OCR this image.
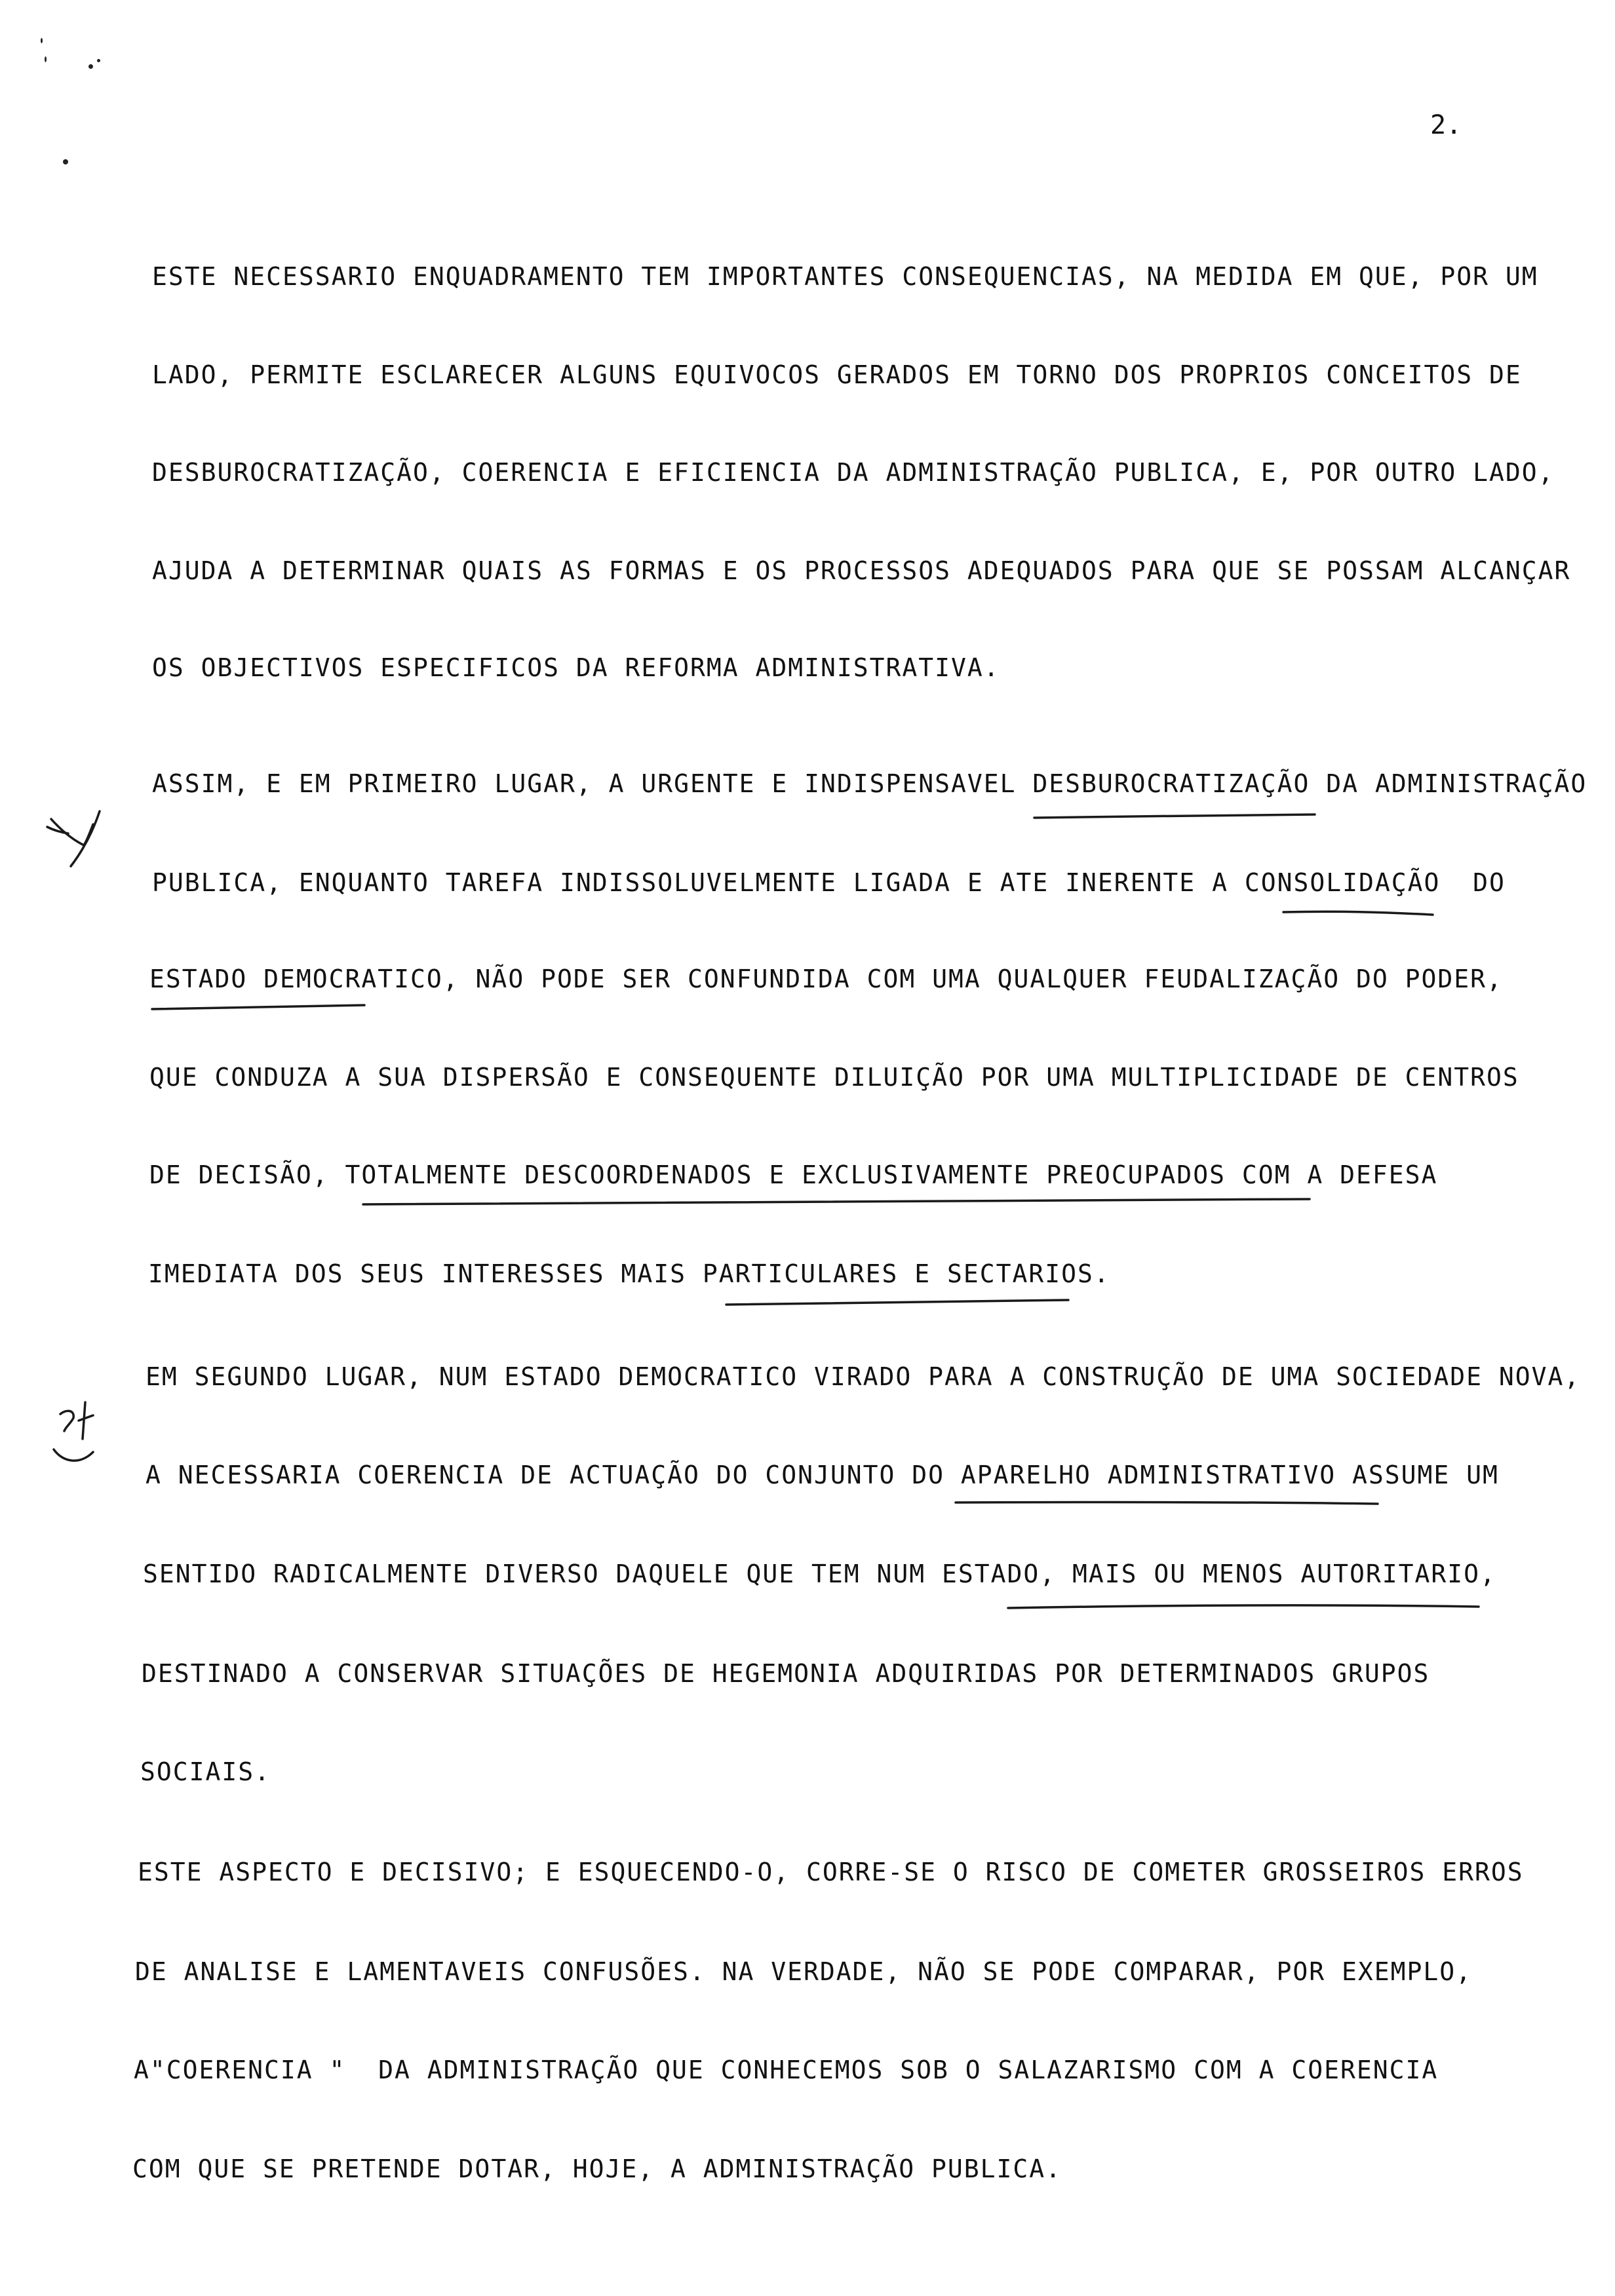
2.
ESTE NECESSARIO ENQUADRAMENTO TEM IMPORTANTES CONSEQUENCIAS, NA MEDIDA EM QUE, POR UM
LADO, PERMITE ESCLARECER ALGUNS EQUIVOCOS GERADOS EM TORNO DOS PROPRIOS CONCEITOS DE
DESBUROCRATIZAÇÃO, COERENCIA E EFICIENCIA DA ADMINISTRAÇÃO PUBLICA, E, POR OUTRO LADO,
AJUDA A DETERMINAR QUAIS AS FORMAS E OS PROCESSOS ADEQUADOS PARA QUE SE POSSAM ALCANÇAR
OS OBJECTIVOS ESPECIFICOS DA REFORMA ADMINISTRATIVA.
ASSIM, E EM PRIMEIRO LUGAR, A URGENTE E INDISPENSAVEL DESBUROCRATIZAÇÃO DA ADMINISTRAÇÃO
PUBLICA, ENQUANTO TAREFA INDISSOLUVELMENTE LIGADA E ATE INERENTE A CONSOLIDAÇÃO  DO
ESTADO DEMOCRATICO, NÃO PODE SER CONFUNDIDA COM UMA QUALQUER FEUDALIZAÇÃO DO PODER,
QUE CONDUZA A SUA DISPERSÃO E CONSEQUENTE DILUIÇÃO POR UMA MULTIPLICIDADE DE CENTROS
DE DECISÃO, TOTALMENTE DESCOORDENADOS E EXCLUSIVAMENTE PREOCUPADOS COM A DEFESA
IMEDIATA DOS SEUS INTERESSES MAIS PARTICULARES E SECTARIOS.
EM SEGUNDO LUGAR, NUM ESTADO DEMOCRATICO VIRADO PARA A CONSTRUÇÃO DE UMA SOCIEDADE NOVA,
A NECESSARIA COERENCIA DE ACTUAÇÃO DO CONJUNTO DO APARELHO ADMINISTRATIVO ASSUME UM
SENTIDO RADICALMENTE DIVERSO DAQUELE QUE TEM NUM ESTADO, MAIS OU MENOS AUTORITARIO,
DESTINADO A CONSERVAR SITUAÇÕES DE HEGEMONIA ADQUIRIDAS POR DETERMINADOS GRUPOS
SOCIAIS.
ESTE ASPECTO E DECISIVO; E ESQUECENDO-O, CORRE-SE O RISCO DE COMETER GROSSEIROS ERROS
DE ANALISE E LAMENTAVEIS CONFUSÕES. NA VERDADE, NÃO SE PODE COMPARAR, POR EXEMPLO,
A"COERENCIA "  DA ADMINISTRAÇÃO QUE CONHECEMOS SOB O SALAZARISMO COM A COERENCIA
COM QUE SE PRETENDE DOTAR, HOJE, A ADMINISTRAÇÃO PUBLICA.
